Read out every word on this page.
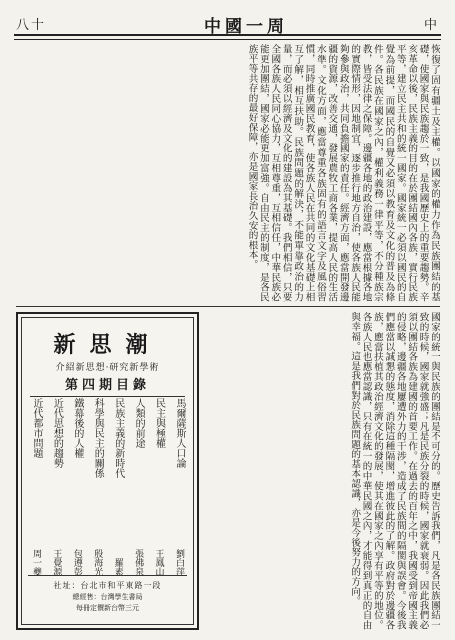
八十	中國一周	中
恢復了固有疆土及主權。以國家的權力作為民族團結的基礎，使國家與民族趨於一致，是我國歷史上的重要趨勢。辛亥革命以後，民族主義的目的在於團結國內各族，實行民族平等，建立民主共和的統一國家。國家統一必須以國民的自覺為前提，而國民的自覺又必須以教育及文化的普及為條件。各民族在國家之內，權利義務一律平等，不分種族宗教，皆受法律之保障。邊疆各地的政治建設，應當根據各地的實際情形，因地制宜，逐步推行地方自治，使各族人民能夠參與政治，共同負擔國家的責任。經濟方面，應當開發邊疆的資源，改善交通，發展農牧工商各業，提高人民的生活水準。文化方面，應當尊重各族固有的語言文字及風俗習慣，同時推廣國民教育，使各族人民在共同的文化基礎上相互了解，相互扶助。民族問題的解決，不能單靠政治的力量，而必須以經濟及文化的建設為其基礎。我們相信，只要全國各族人民同心協力，互相尊重，互相信任，中華民族必能更加團結，國家必能更加富強。自由民主的制度，是各民族平等共存的最好保障，亦是國家長治久安的根本。
國家的統一與民族的團結是不可分的。歷史告訴我們，凡是各民族團結一致的時候，國家就強盛；凡是民族分裂的時候，國家就衰弱。因此我們必須以團結各族為建國的首要工作。在過去的百年之中，我國受到帝國主義的侵略，邊疆各地屢遭外力的干涉，造成了民族間的隔閡與誤會。今後我們應當以誠懇的態度，消除這種隔閡，增進彼此的了解。政府對於邊疆各族，應當扶植其政治經濟文化的發展，使其在國家之內享有平等的地位。各族人民也應當認識，只有在統一的中華民國之內，才能得到真正的自由與幸福。這是我們對於民族問題的基本認識，亦是今後努力的方向。
新思潮
介紹新思想·研究新學術
第四期目錄
馬爾薩斯人口論
劉白萍
民主與極權
王鳳山
人類的前途
張佛泉
民族主義的新時代
羅素
科學與民主的關係
殷海光
鐵幕後的人權
包遵彭
近代思想的趨勢
王覺源
近代都市問題
周一夔
社址：台北市和平東路一段
總經售：台灣學生書局
每冊定價新台幣三元
